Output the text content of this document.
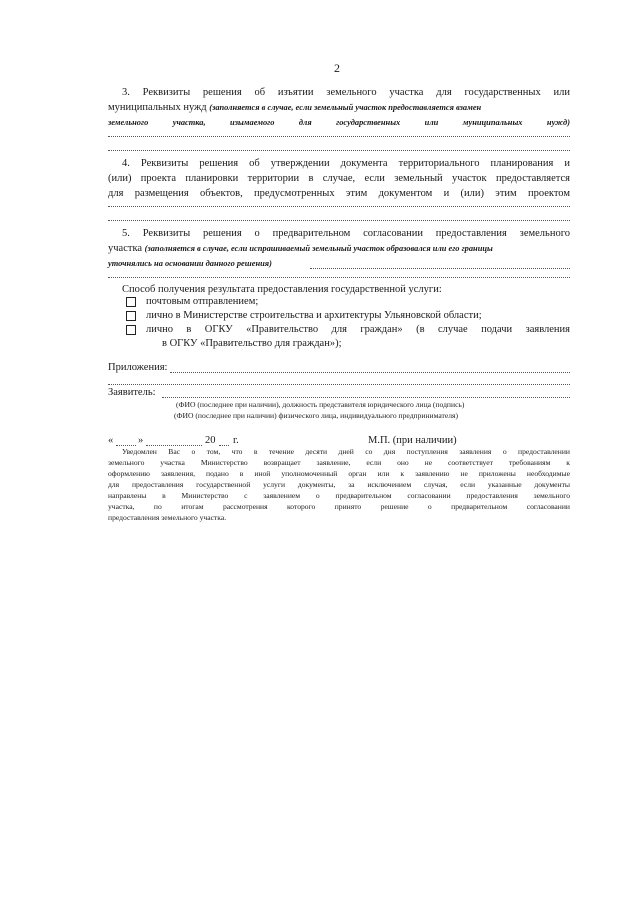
2
3. Реквизиты решения об изъятии земельного участка для государственных или
муниципальных нужд (заполняется в случае, если земельный участок предоставляется взамен
земельного участка, изымаемого для государственных или муниципальных нужд)
4. Реквизиты решения об утверждении документа территориального планирования и
(или) проекта планировки территории в случае, если земельный участок предоставляется
для размещения объектов, предусмотренных этим документом и (или) этим проектом
5. Реквизиты решения о предварительном согласовании предоставления земельного
участка (заполняется в случае, если испрашиваемый земельный участок образовался или его границы
уточнялись на основании данного решения)
Способ получения результата предоставления государственной услуги:
почтовым отправлением;
лично в Министерстве строительства и архитектуры Ульяновской области;
лично в ОГКУ «Правительство для граждан» (в случае подачи заявления
в ОГКУ «Правительство для граждан»);
Приложения:
Заявитель:
(ФИО (последнее при наличии), должность представителя юридического лица (подпись)
(ФИО (последнее при наличии) физического лица, индивидуального предпринимателя)
« »	20 г.	М.П. (при наличии)
Уведомлен Вас о том, что в течение десяти дней со дня поступления заявления о предоставлении
земельного участка Министерство возвращает заявление, если оно не соответствует требованиям к
оформлению заявления, подано в иной уполномоченный орган или к заявлению не приложены необходимые
для предоставления государственной услуги документы, за исключением случая, если указанные документы
направлены в Министерство с заявлением о предварительном согласовании предоставления земельного
участка, по итогам рассмотрения которого принято решение о предварительном согласовании
предоставления земельного участка.
